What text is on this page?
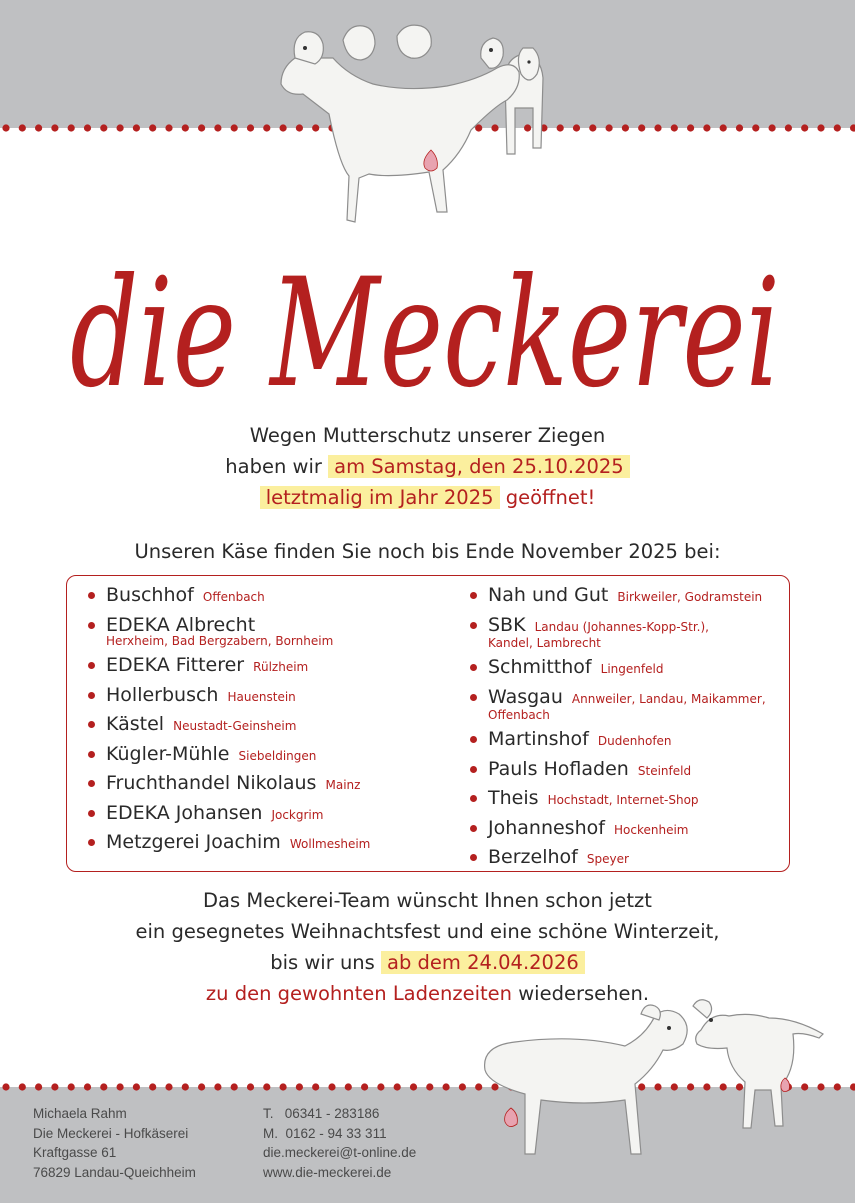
die Meckerei
Wegen Mutterschutz unserer Ziegen
haben wir am Samstag, den 25.10.2025
letztmalig im Jahr 2025 geöffnet!
Unseren Käse finden Sie noch bis Ende November 2025 bei:
Buschhof Offenbach
EDEKA Albrecht
Herxheim, Bad Bergzabern, Bornheim
EDEKA Fitterer Rülzheim
Hollerbusch Hauenstein
Kästel Neustadt-Geinsheim
Kügler-Mühle Siebeldingen
Fruchthandel Nikolaus Mainz
EDEKA Johansen Jockgrim
Metzgerei Joachim Wollmesheim
Nah und Gut Birkweiler, Godramstein
SBK Landau (Johannes-Kopp-Str.),
Kandel, Lambrecht
Schmitthof Lingenfeld
Wasgau Annweiler, Landau, Maikammer,
Offenbach
Martinshof Dudenhofen
Pauls Hofladen Steinfeld
Theis Hochstadt, Internet-Shop
Johanneshof Hockenheim
Berzelhof Speyer
Das Meckerei-Team wünscht Ihnen schon jetzt
ein gesegnetes Weihnachtsfest und eine schöne Winterzeit,
bis wir uns ab dem 24.04.2026
zu den gewohnten Ladenzeiten wiedersehen.
Michaela Rahm
Die Meckerei - Hofkäserei
Kraftgasse 61
76829 Landau-Queichheim
T.   06341 - 283186
M.  0162 - 94 33 311
die.meckerei@t-online.de
www.die-meckerei.de
